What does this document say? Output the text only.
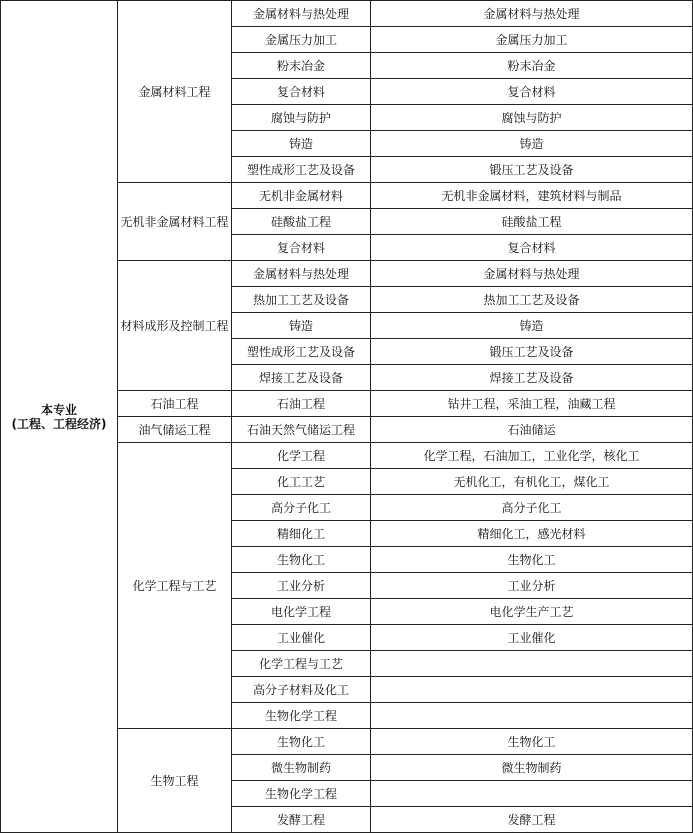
本专业
(工程、工程经济)	金属材料工程	金属材料与热处理	金属材料与热处理
		金属压力加工	金属压力加工
		粉末冶金	粉末冶金
		复合材料	复合材料
		腐蚀与防护	腐蚀与防护
		铸造	铸造
		塑性成形工艺及设备	锻压工艺及设备
	无机非金属材料工程	无机非金属材料	无机非金属材料，建筑材料与制品
		硅酸盐工程	硅酸盐工程
		复合材料	复合材料
	材料成形及控制工程	金属材料与热处理	金属材料与热处理
		热加工工艺及设备	热加工工艺及设备
		铸造	铸造
		塑性成形工艺及设备	锻压工艺及设备
		焊接工艺及设备	焊接工艺及设备
	石油工程	石油工程	钻井工程，采油工程，油藏工程
	油气储运工程	石油天然气储运工程	石油储运
	化学工程与工艺	化学工程	化学工程，石油加工，工业化学，核化工
		化工工艺	无机化工，有机化工，煤化工
		高分子化工	高分子化工
		精细化工	精细化工，感光材料
		生物化工	生物化工
		工业分析	工业分析
		电化学工程	电化学生产工艺
		工业催化	工业催化
		化学工程与工艺	
		高分子材料及化工	
		生物化学工程	
	生物工程	生物化工	生物化工
		微生物制药	微生物制药
		生物化学工程	
		发酵工程	发酵工程
